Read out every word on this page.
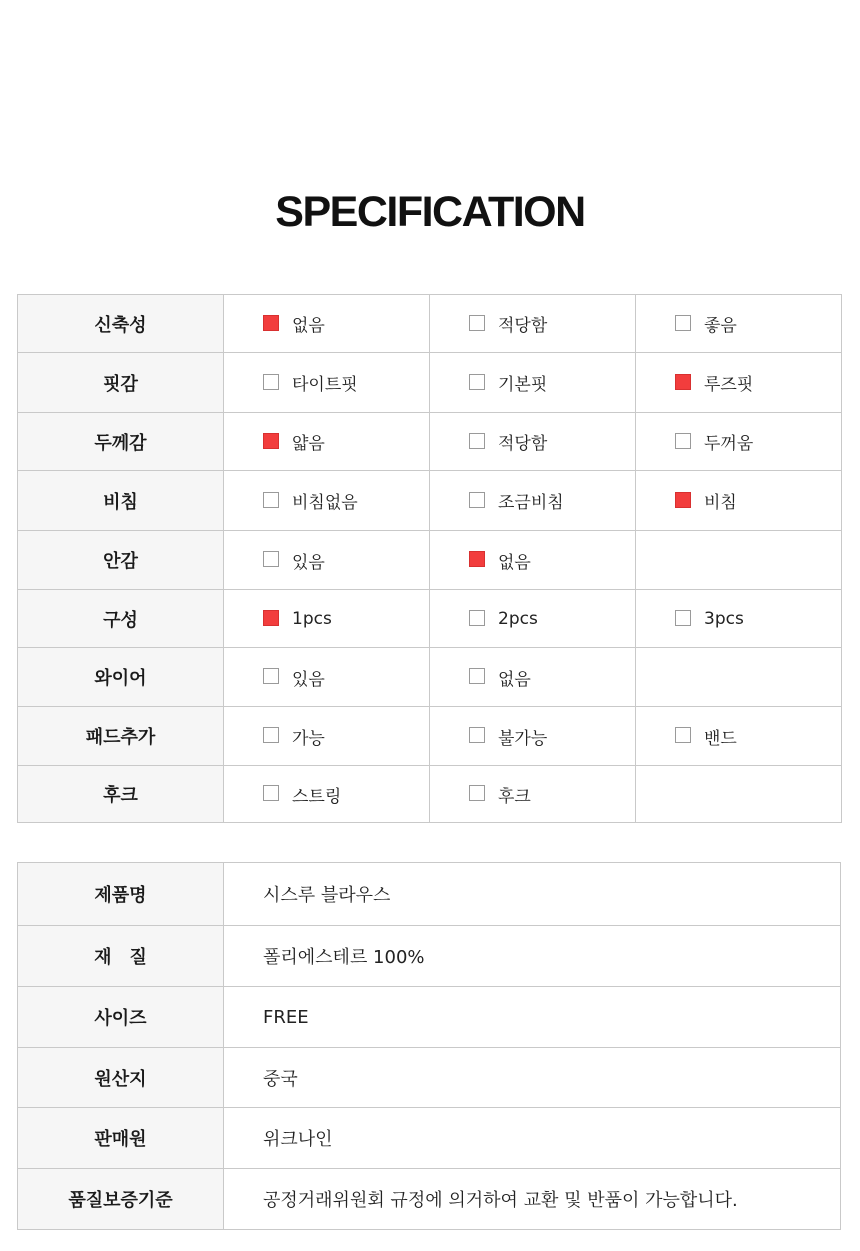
SPECIFICATION
신축성	없음	적당함	좋음
핏감	타이트핏	기본핏	루즈핏
두께감	얇음	적당함	두꺼움
비침	비침없음	조금비침	비침
안감	있음	없음	
구성	1pcs	2pcs	3pcs
와이어	있음	없음	
패드추가	가능	불가능	밴드
후크	스트링	후크	
제품명	시스루 블라우스
재　질	폴리에스테르 100%
사이즈	FREE
원산지	중국
판매원	위크나인
품질보증기준	공정거래위원회 규정에 의거하여 교환 및 반품이 가능합니다.
